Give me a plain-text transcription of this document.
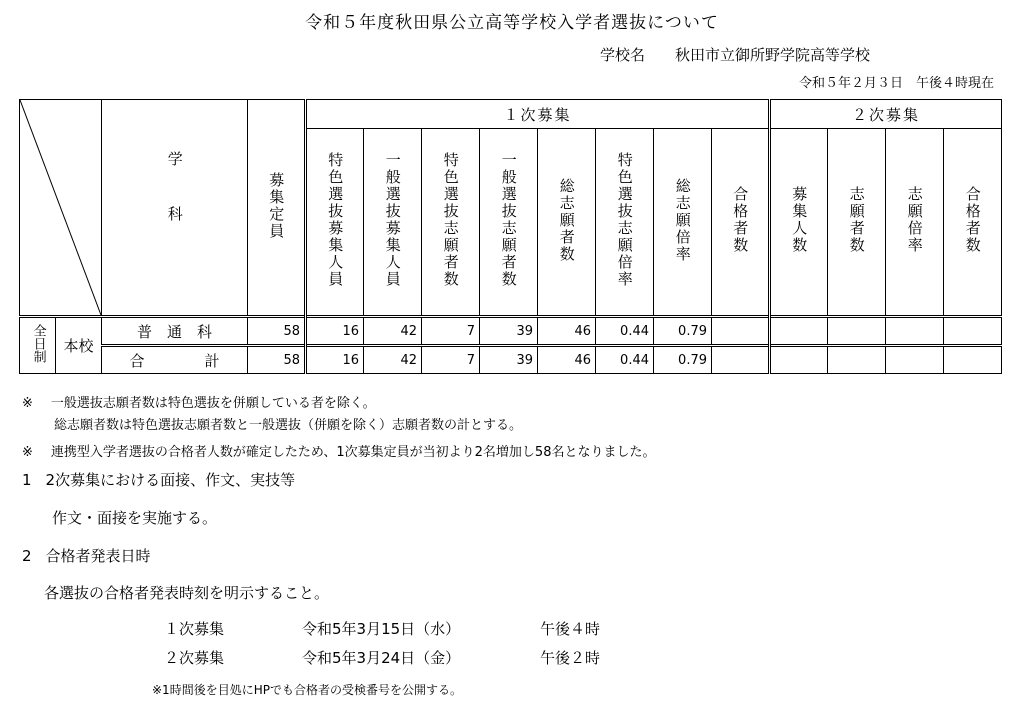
令和５年度秋田県公立高等学校入学者選抜について
学校名 秋田市立御所野学院高等学校
令和５年２月３日　午後４時現在
	学科	募集定員	１次募集								２次募集			
				特色選抜募集人員	一般選抜募集人員	特色選抜志願者数	一般選抜志願者数	総志願者数	特色選抜志願倍率	総志願倍率	合格者数	募集人数	志願者数	志願倍率	合格者数
全日制	本校	普　通　科	58	16	42	7	39	46	0.44	0.79					
		合　　　　計	58	16	42	7	39	46	0.44	0.79					
※ 一般選抜志願者数は特色選抜を併願している者を除く。
総志願者数は特色選抜志願者数と一般選抜（併願を除く）志願者数の計とする。
※ 連携型入学者選抜の合格者人数が確定したため、1次募集定員が当初より2名増加し58名となりました。
1 2次募集における面接、作文、実技等
作文・面接を実施する。
2 合格者発表日時
各選抜の合格者発表時刻を明示すること。
１次募集	令和5年3月15日（水）	午後４時
２次募集	令和5年3月24日（金）	午後２時
※1時間後を目処にHPでも合格者の受検番号を公開する。
